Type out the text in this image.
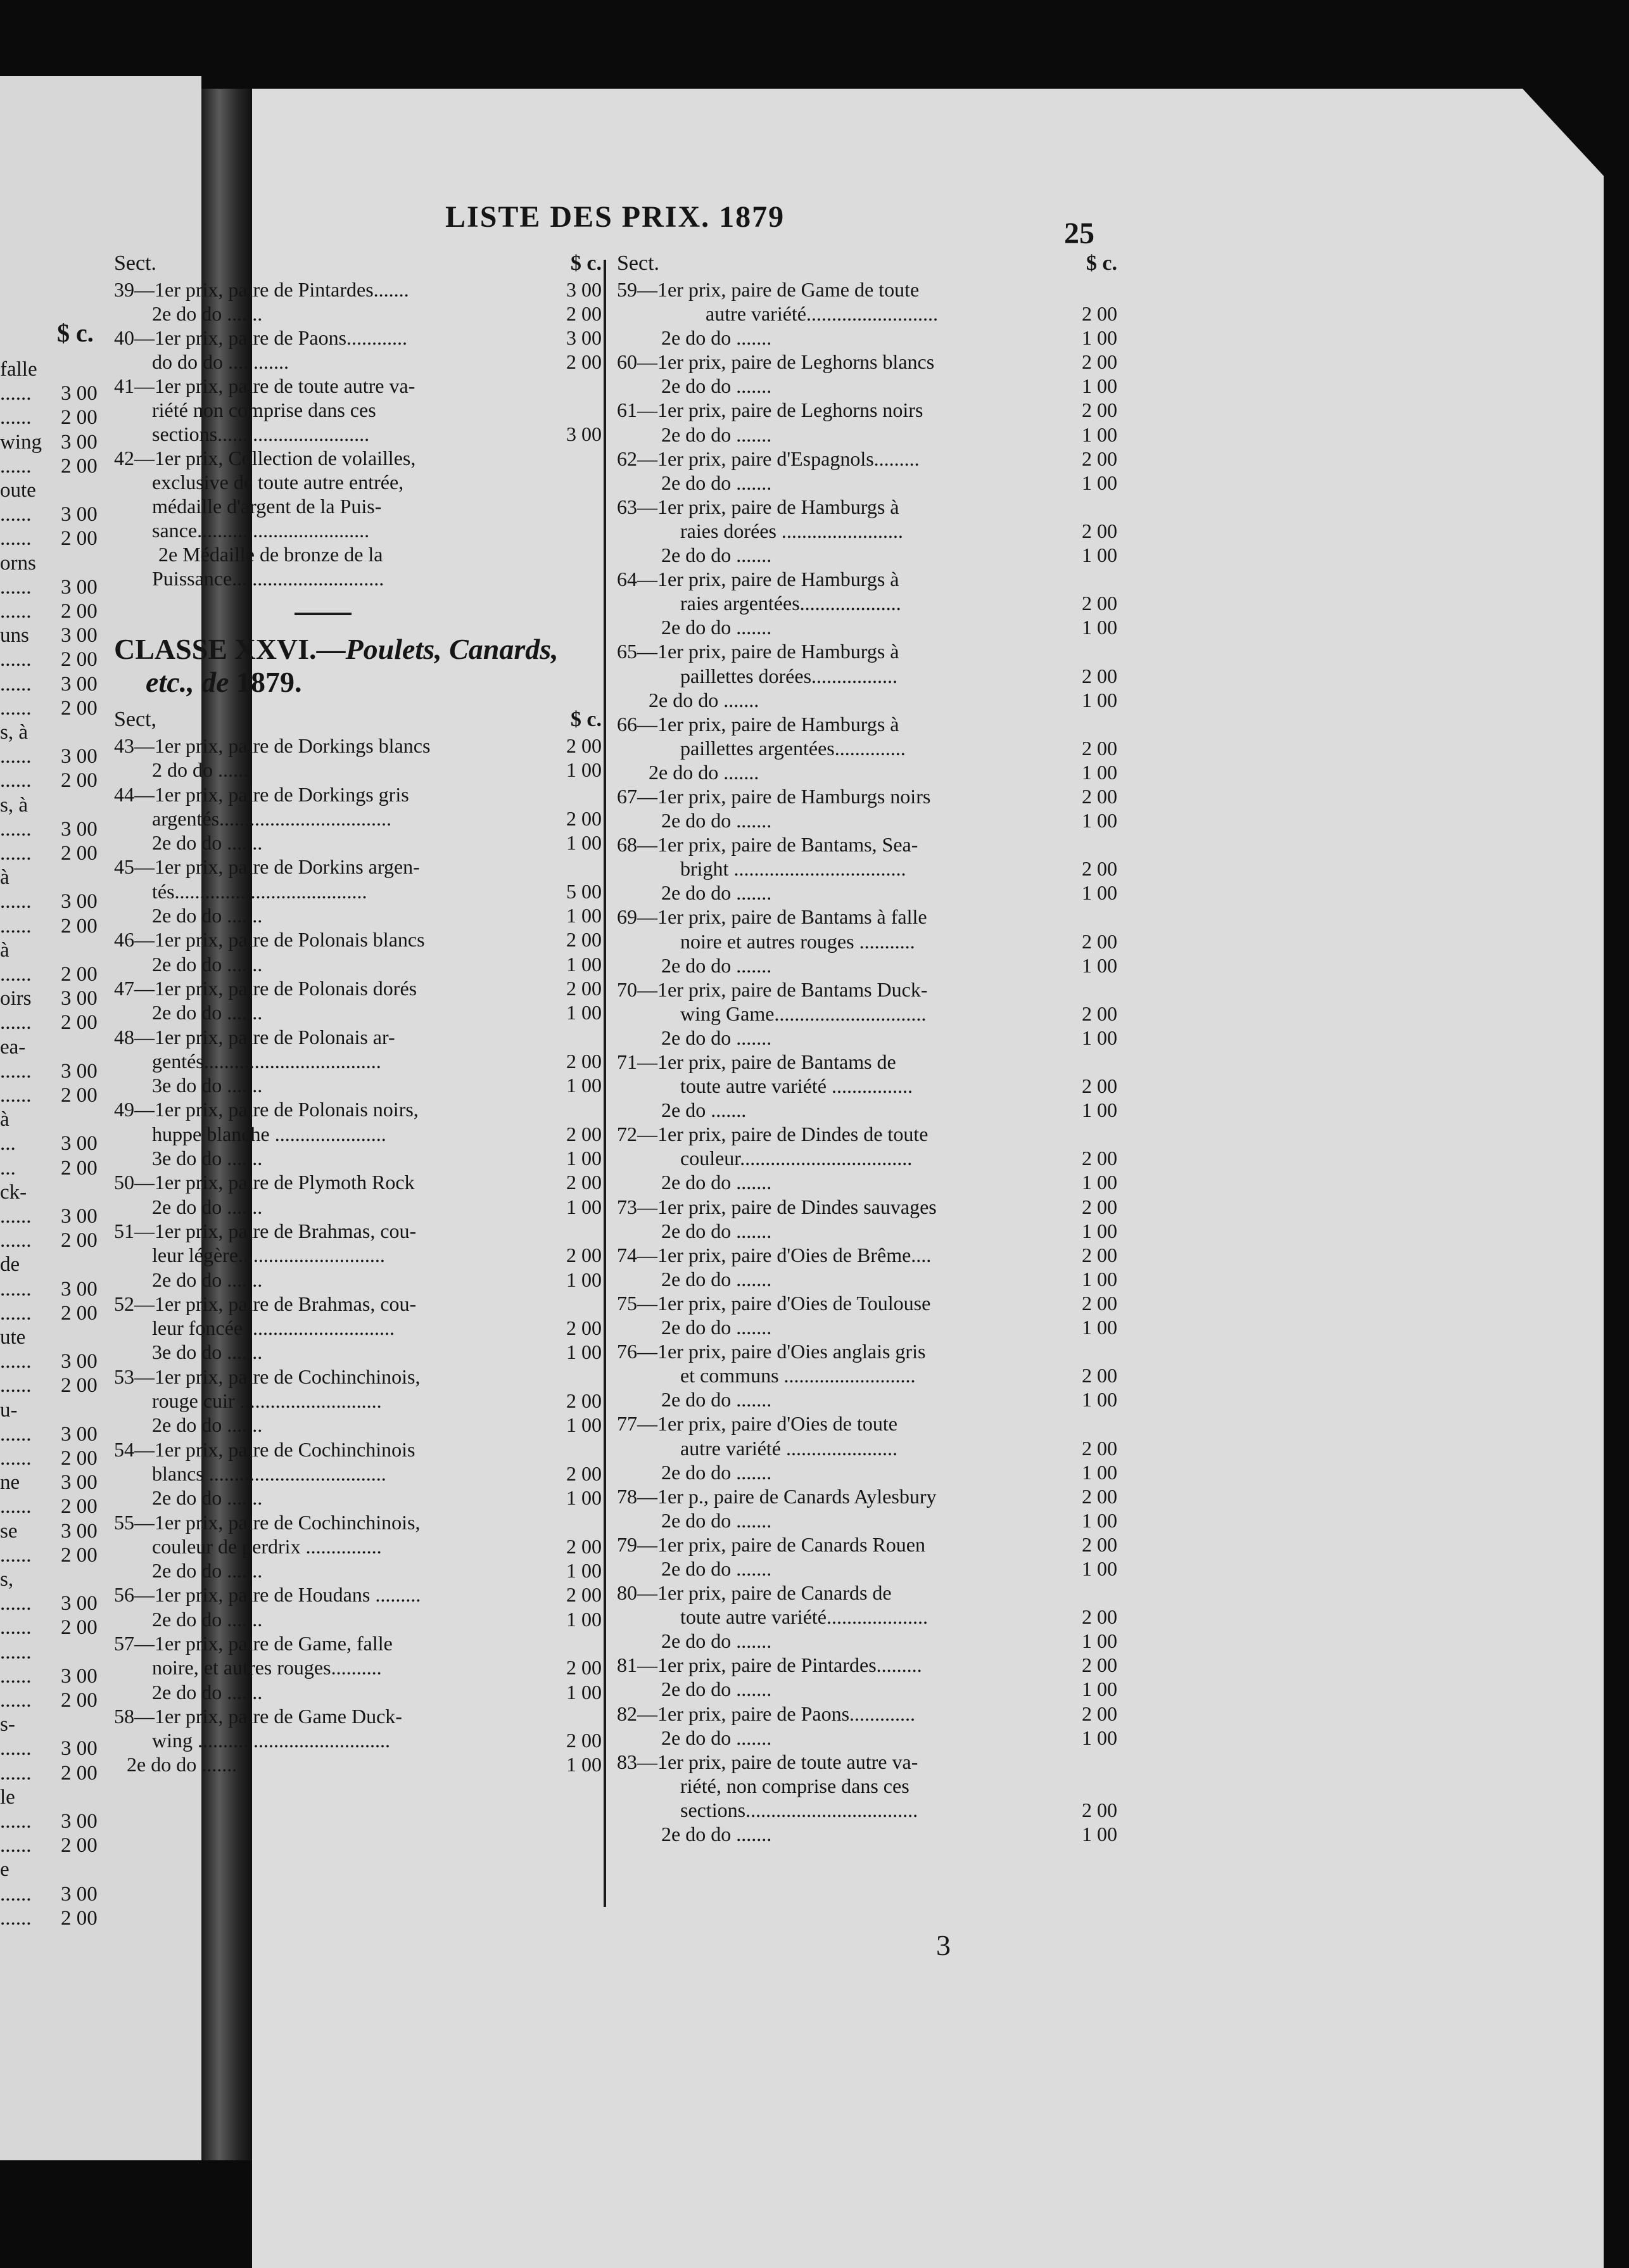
$ c.
falle
...... 3 00
...... 2 00
wing 3 00
...... 2 00
oute
...... 3 00
...... 2 00
orns
...... 3 00
...... 2 00
uns 3 00
...... 2 00
...... 3 00
...... 2 00
s, à
...... 3 00
...... 2 00
s, à
...... 3 00
...... 2 00
à
...... 3 00
...... 2 00
à
...... 2 00
oirs 3 00
...... 2 00
ea-
...... 3 00
...... 2 00
à
... 3 00
... 2 00
ck-
...... 3 00
...... 2 00
de
...... 3 00
...... 2 00
ute
...... 3 00
...... 2 00
u-
...... 3 00
...... 2 00
ne 3 00
...... 2 00
se 3 00
...... 2 00
s,
...... 3 00
...... 2 00
......
...... 3 00
...... 2 00
s-
...... 3 00
...... 2 00
le
...... 3 00
...... 2 00
e
...... 3 00
...... 2 00
LISTE DES PRIX. 1879	25
Sect.	$ c.
39—1er prix, paire de Pintardes.......	3 00
2e do do .......	2 00
40—1er prix, paire de Paons............	3 00
do do do ............	2 00
41—1er prix, paire de toute autre va-
riété non comprise dans ces
sections..............................	3 00
42—1er prix, Collection de volailles,
exclusive de toute autre entrée,
médaille d'argent de la Puis-
sance..................................
2e Médaille de bronze de la
Puissance..............................
CLASSE XXVI.—Poulets, Canards,
etc., de 1879.
Sect,	$ c.
43—1er prix, paire de Dorkings blancs	2 00
2 do do .......	1 00
44—1er prix, paire de Dorkings gris
argentés..................................	2 00
2e do do .......	1 00
45—1er prix, paire de Dorkins argen-
tés......................................	5 00
2e do do .......	1 00
46—1er prix, paire de Polonais blancs	2 00
2e do do .......	1 00
47—1er prix, paire de Polonais dorés	2 00
2e do do .......	1 00
48—1er prix, paire de Polonais ar-
gentés...................................	2 00
3e do do .......	1 00
49—1er prix, paire de Polonais noirs,
huppe blanche ......................	2 00
3e do do .......	1 00
50—1er prix, paire de Plymoth Rock	2 00
2e do do .......	1 00
51—1er prix, paire de Brahmas, cou-
leur légère.............................	2 00
2e do do .......	1 00
52—1er prix, paire de Brahmas, cou-
leur foncée .............................	2 00
3e do do .......	1 00
53—1er prix, paire de Cochinchinois,
rouge cuir ............................	2 00
2e do do .......	1 00
54—1er prix, paire de Cochinchinois
blancs ...................................	2 00
2e do do .......	1 00
55—1er prix, paire de Cochinchinois,
couleur de perdrix ...............	2 00
2e do do .......	1 00
56—1er prix, paire de Houdans .........	2 00
2e do do .......	1 00
57—1er prix, paire de Game, falle
noire, et autres rouges..........	2 00
2e do do .......	1 00
58—1er prix, paire de Game Duck-
wing ......................................	2 00
2e do do .......	1 00
Sect.	$ c.
59—1er prix, paire de Game de toute
autre variété..........................	2 00
2e do do .......	1 00
60—1er prix, paire de Leghorns blancs	2 00
2e do do .......	1 00
61—1er prix, paire de Leghorns noirs	2 00
2e do do .......	1 00
62—1er prix, paire d'Espagnols.........	2 00
2e do do .......	1 00
63—1er prix, paire de Hamburgs à
raies dorées ........................	2 00
2e do do .......	1 00
64—1er prix, paire de Hamburgs à
raies argentées....................	2 00
2e do do .......	1 00
65—1er prix, paire de Hamburgs à
paillettes dorées.................	2 00
2e do do .......	1 00
66—1er prix, paire de Hamburgs à
paillettes argentées..............	2 00
2e do do .......	1 00
67—1er prix, paire de Hamburgs noirs	2 00
2e do do .......	1 00
68—1er prix, paire de Bantams, Sea-
bright ..................................	2 00
2e do do .......	1 00
69—1er prix, paire de Bantams à falle
noire et autres rouges ...........	2 00
2e do do .......	1 00
70—1er prix, paire de Bantams Duck-
wing Game..............................	2 00
2e do do .......	1 00
71—1er prix, paire de Bantams de
toute autre variété ................	2 00
2e do .......	1 00
72—1er prix, paire de Dindes de toute
couleur..................................	2 00
2e do do .......	1 00
73—1er prix, paire de Dindes sauvages	2 00
2e do do .......	1 00
74—1er prix, paire d'Oies de Brême....	2 00
2e do do .......	1 00
75—1er prix, paire d'Oies de Toulouse	2 00
2e do do .......	1 00
76—1er prix, paire d'Oies anglais gris
et communs ..........................	2 00
2e do do .......	1 00
77—1er prix, paire d'Oies de toute
autre variété ......................	2 00
2e do do .......	1 00
78—1er p., paire de Canards Aylesbury	2 00
2e do do .......	1 00
79—1er prix, paire de Canards Rouen	2 00
2e do do .......	1 00
80—1er prix, paire de Canards de
toute autre variété....................	2 00
2e do do .......	1 00
81—1er prix, paire de Pintardes.........	2 00
2e do do .......	1 00
82—1er prix, paire de Paons.............	2 00
2e do do .......	1 00
83—1er prix, paire de toute autre va-
riété, non comprise dans ces
sections..................................	2 00
2e do do .......	1 00
3
